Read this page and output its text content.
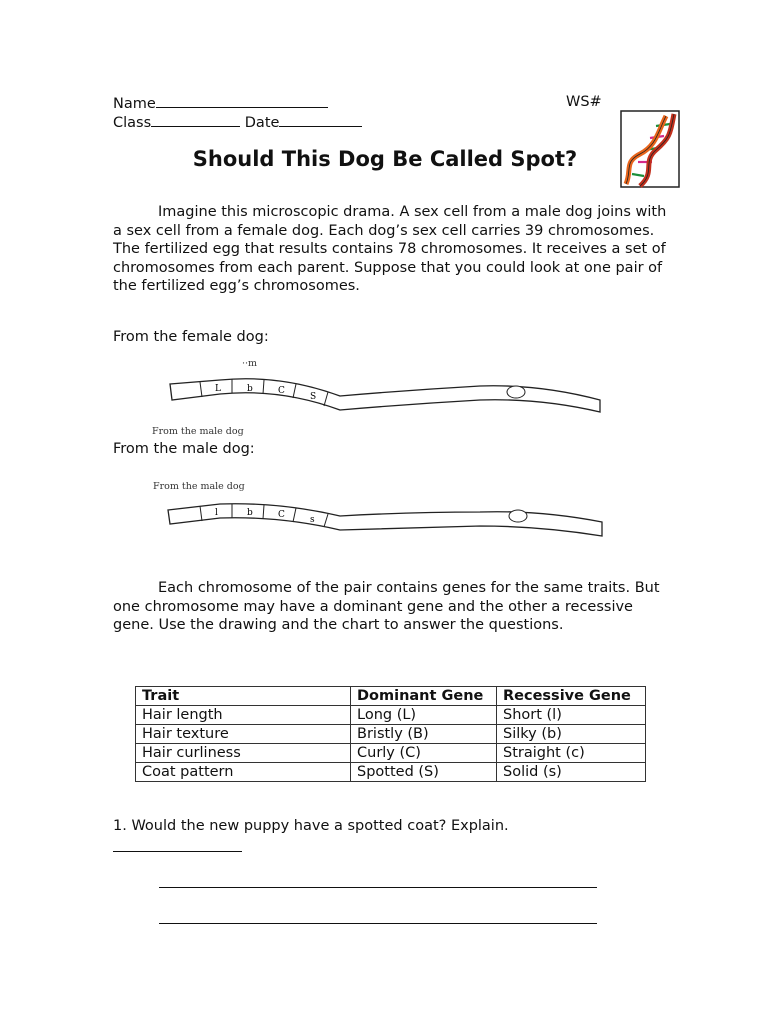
Name	WS#
Class	Date
Should This Dog Be Called Spot?

Imagine this microscopic drama. A sex cell from a male dog joins with a sex cell from a female dog. Each dog’s sex cell carries 39 chromosomes. The fertilized egg that results contains 78 chromosomes. It receives a set of chromosomes from each parent. Suppose that you could look at one pair of the fertilized egg’s chromosomes.

From the female dog:
··m
L	b	C
S
From the male dog
From the male dog:
From the male dog
l	b	C	s

Each chromosome of the pair contains genes for the same traits. But one chromosome may have a dominant gene and the other a recessive gene. Use the drawing and the chart to answer the questions.

Trait	Dominant Gene	Recessive Gene
Hair length	Long (L)	Short (l)
Hair texture	Bristly (B)	Silky (b)
Hair curliness	Curly (C)	Straight (c)
Coat pattern	Spotted (S)	Solid (s)
1. Would the new puppy have a spotted coat? Explain.
